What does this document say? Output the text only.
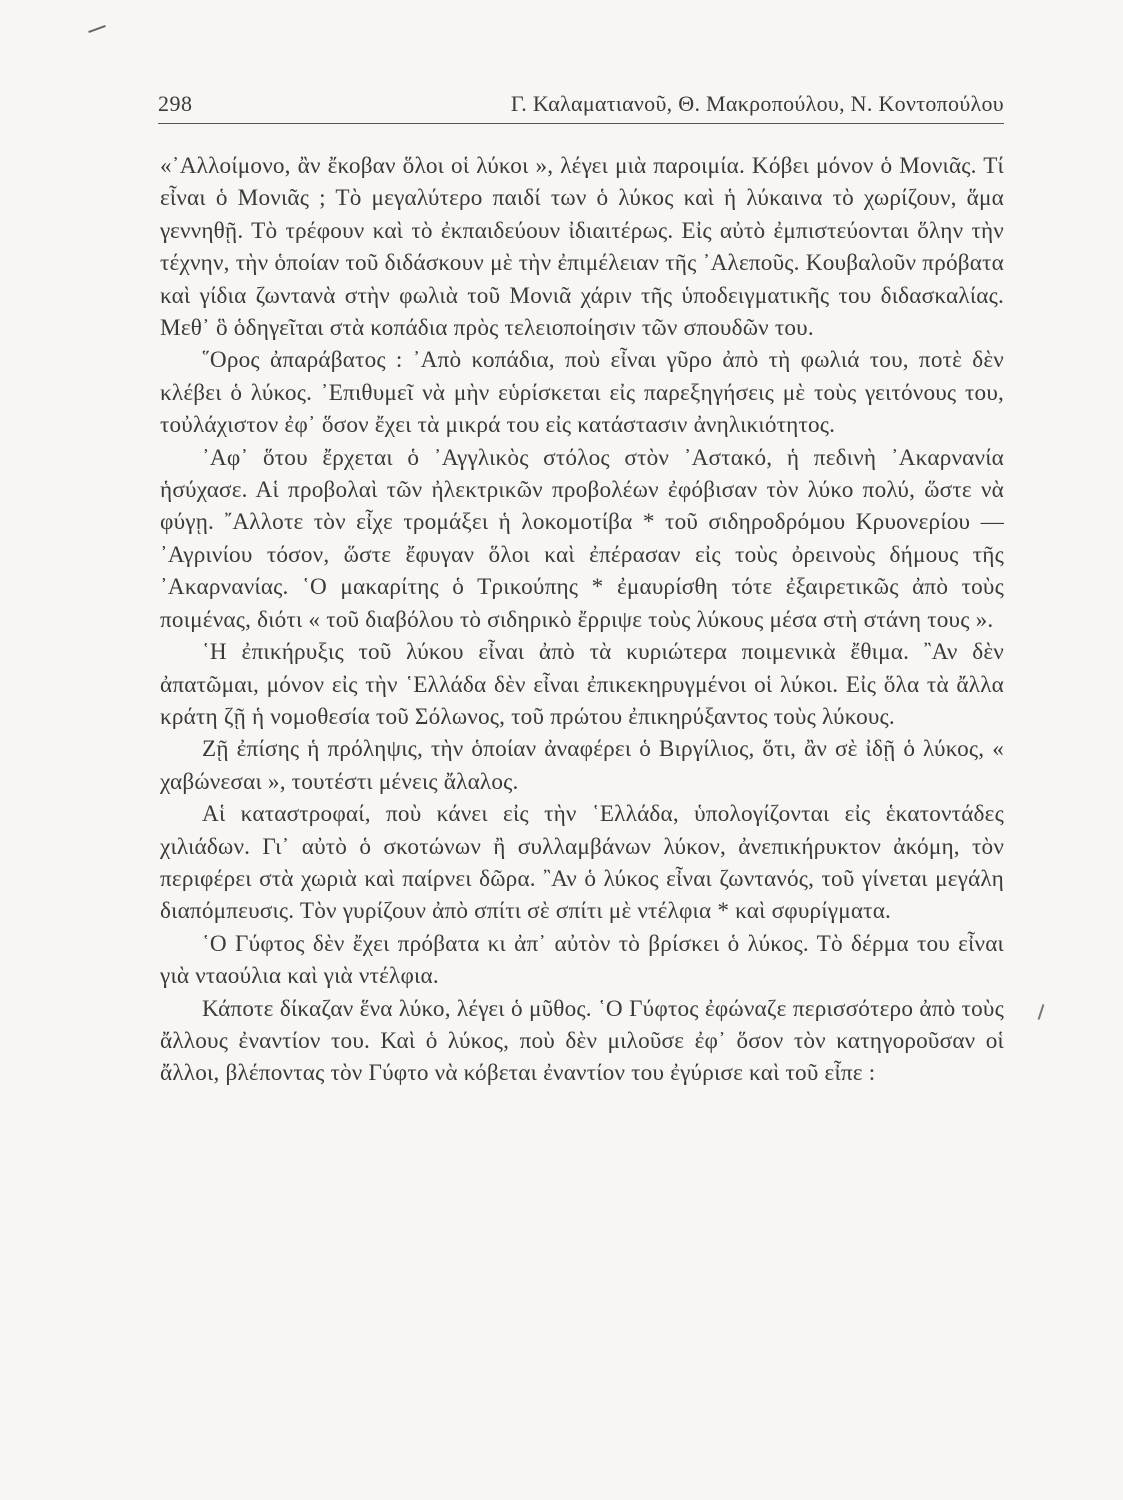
298	Γ. Καλαματιανοῦ, Θ. Μακροπούλου, Ν. Κοντοπούλου

«᾿Αλλοίμονο, ἂν ἔκοβαν ὅλοι οἱ λύκοι », λέγει μιὰ παροιμία. Κόβει μόνον ὁ Μονιᾶς. Τί εἶναι ὁ Μονιᾶς ; Τὸ μεγαλύτερο παιδί των ὁ λύκος καὶ ἡ λύκαινα τὸ χωρίζουν, ἅμα γεννηθῇ. Τὸ τρέφουν καὶ τὸ ἐκπαιδεύουν ἰδιαιτέρως. Εἰς αὐτὸ ἐμπιστεύονται ὅλην τὴν τέχνην, τὴν ὁποίαν τοῦ διδάσκουν μὲ τὴν ἐπιμέλειαν τῆς ᾿Αλεποῦς. Κουβαλοῦν πρόβατα καὶ γίδια ζωντανὰ στὴν φωλιὰ τοῦ Μονιᾶ χάριν τῆς ὑποδειγματικῆς του διδασκαλίας. Μεθ᾿ ὃ ὁδηγεῖται στὰ κοπάδια πρὸς τελειοποίησιν τῶν σπουδῶν του.

῞Ορος ἀπαράβατος : ᾿Απὸ κοπάδια, ποὺ εἶναι γῦρο ἀπὸ τὴ φωλιά του, ποτὲ δὲν κλέβει ὁ λύκος. ᾿Επιθυμεῖ νὰ μὴν εὑρίσκεται εἰς παρεξηγήσεις μὲ τοὺς γειτόνους του, τοὐλάχιστον ἐφ᾿ ὅσον ἔχει τὰ μικρά του εἰς κατάστασιν ἀνηλικιότητος.

᾿Αφ᾿ ὅτου ἔρχεται ὁ ᾿Αγγλικὸς στόλος στὸν ᾿Αστακό, ἡ πεδινὴ ᾿Ακαρνανία ἡσύχασε. Αἱ προβολαὶ τῶν ἠλεκτρικῶν προβολέων ἐφόβισαν τὸν λύκο πολύ, ὥστε νὰ φύγῃ. ῎Αλλοτε τὸν εἶχε τρομάξει ἡ λοκομοτίβα * τοῦ σιδηροδρόμου Κρυονερίου — ᾿Αγρινίου τόσον, ὥστε ἔφυγαν ὅλοι καὶ ἐπέρασαν εἰς τοὺς ὀρεινοὺς δήμους τῆς ᾿Ακαρνανίας. ῾Ο μακαρίτης ὁ Τρικούπης * ἐμαυρίσθη τότε ἐξαιρετικῶς ἀπὸ τοὺς ποιμένας, διότι « τοῦ διαβόλου τὸ σιδηρικὸ ἔρριψε τοὺς λύκους μέσα στὴ στάνη τους ».

῾Η ἐπικήρυξις τοῦ λύκου εἶναι ἀπὸ τὰ κυριώτερα ποιμενικὰ ἔθιμα. ῍Αν δὲν ἀπατῶμαι, μόνον εἰς τὴν ῾Ελλάδα δὲν εἶναι ἐπικεκηρυγμένοι οἱ λύκοι. Εἰς ὅλα τὰ ἄλλα κράτη ζῇ ἡ νομοθεσία τοῦ Σόλωνος, τοῦ πρώτου ἐπικηρύξαντος τοὺς λύκους.

Ζῇ ἐπίσης ἡ πρόληψις, τὴν ὁποίαν ἀναφέρει ὁ Βιργίλιος, ὅτι, ἂν σὲ ἰδῇ ὁ λύκος, « χαβώνεσαι », τουτέστι μένεις ἄλαλος.

Αἱ καταστροφαί, ποὺ κάνει εἰς τὴν ῾Ελλάδα, ὑπολογίζονται εἰς ἑκατοντάδες χιλιάδων. Γι᾿ αὐτὸ ὁ σκοτώνων ἢ συλλαμβάνων λύκον, ἀνεπικήρυκτον ἀκόμη, τὸν περιφέρει στὰ χωριὰ καὶ παίρνει δῶρα. ῍Αν ὁ λύκος εἶναι ζωντανός, τοῦ γίνεται μεγάλη διαπόμπευσις. Τὸν γυρίζουν ἀπὸ σπίτι σὲ σπίτι μὲ ντέλφια * καὶ σφυρίγματα.

῾Ο Γύφτος δὲν ἔχει πρόβατα κι ἀπ᾿ αὐτὸν τὸ βρίσκει ὁ λύκος. Τὸ δέρμα του εἶναι γιὰ νταούλια καὶ γιὰ ντέλφια.

Κάποτε δίκαζαν ἕνα λύκο, λέγει ὁ μῦθος. ῾Ο Γύφτος ἐφώναζε περισσότερο ἀπὸ τοὺς ἄλλους ἐναντίον του. Καὶ ὁ λύκος, ποὺ δὲν μιλοῦσε ἐφ᾿ ὅσον τὸν κατηγοροῦσαν οἱ ἄλλοι, βλέποντας τὸν Γύφτο νὰ κόβεται ἐναντίον του ἐγύρισε καὶ τοῦ εἶπε :
